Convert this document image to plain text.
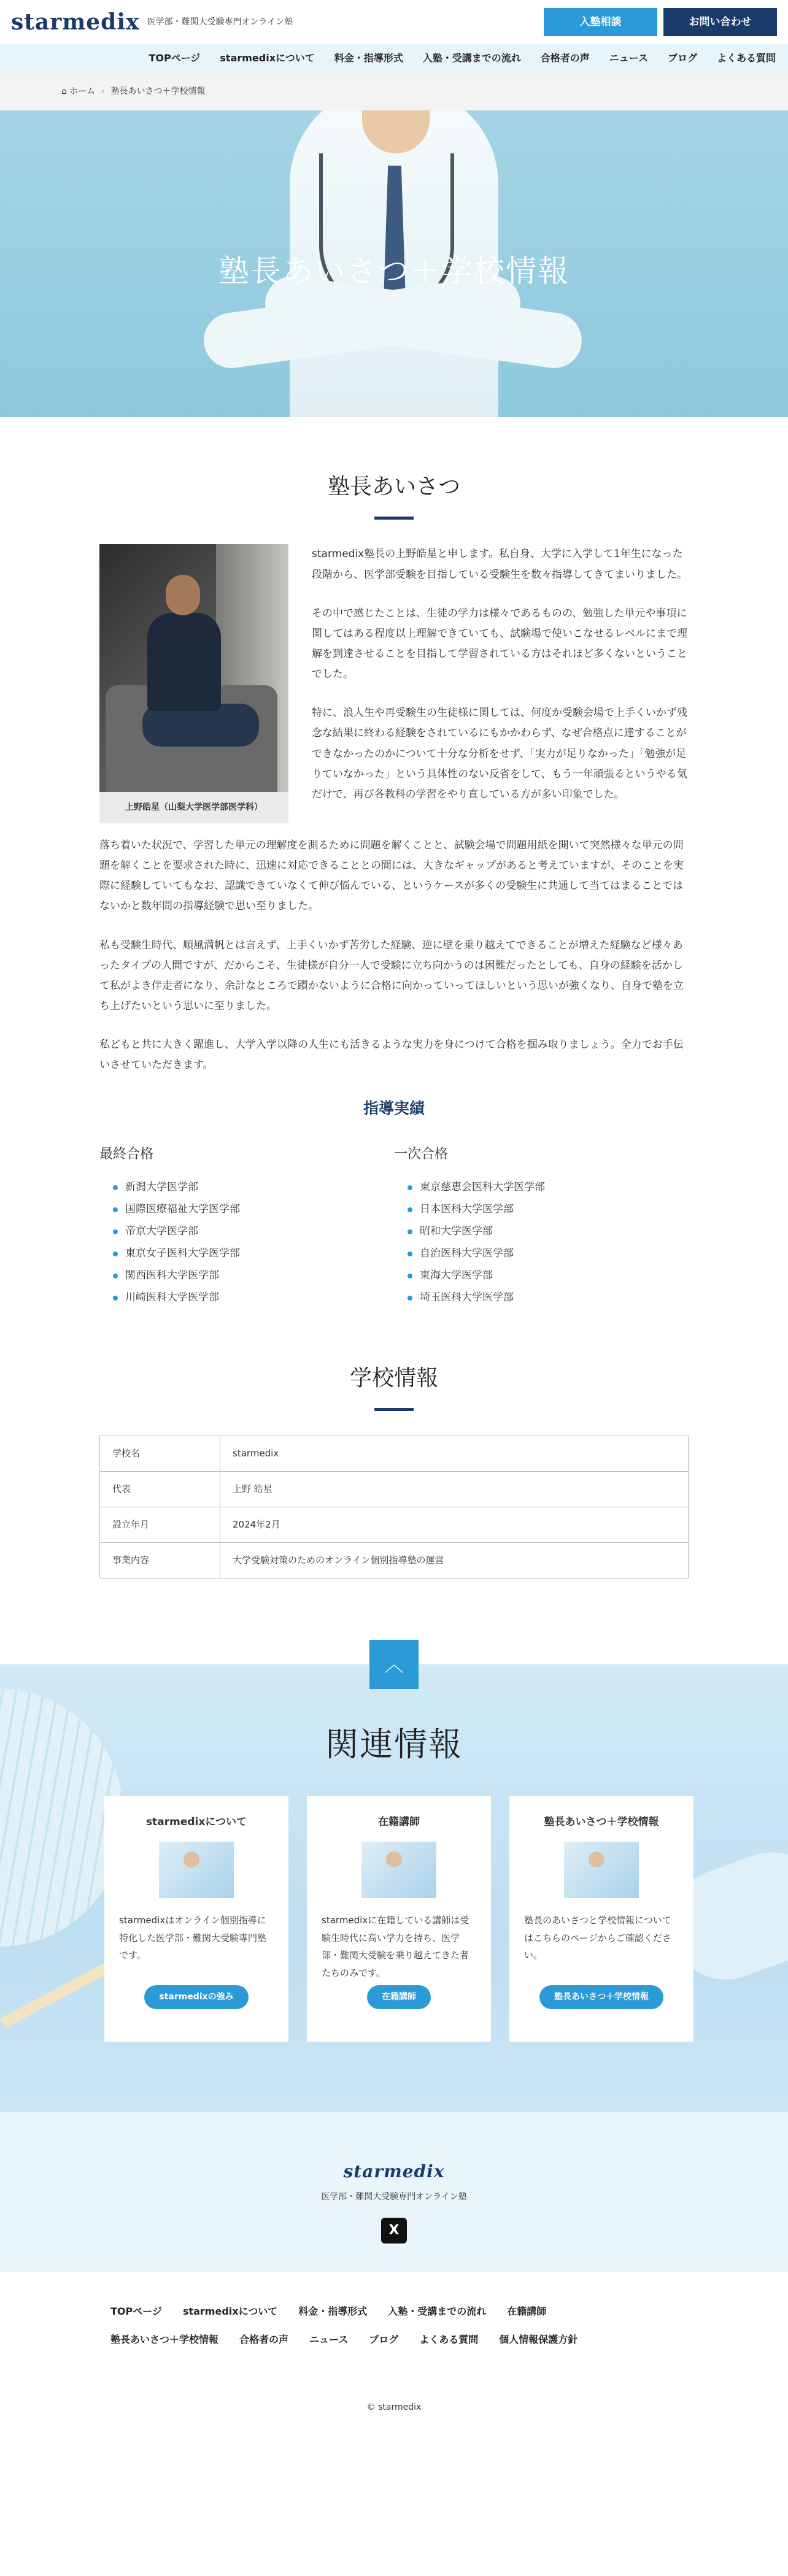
starmedix 医学部・難関大受験専門オンライン塾	入塾相談	お問い合わせ
TOPページ starmedixについて 料金・指導形式 入塾・受講までの流れ 合格者の声 ニュース ブログ よくある質問
⌂ ホーム › 塾長あいさつ＋学校情報
塾長あいさつ＋学校情報
塾長あいさつ
上野皓星（山梨大学医学部医学科）

starmedix塾長の上野皓星と申します。私自身、大学に入学して1年生になった段階から、医学部受験を目指している受験生を数々指導してきてまいりました。

その中で感じたことは、生徒の学力は様々であるものの、勉強した単元や事項に関してはある程度以上理解できていても、試験場で使いこなせるレベルにまで理解を到達させることを目指して学習されている方はそれほど多くないということでした。

特に、浪人生や再受験生の生徒様に関しては、何度か受験会場で上手くいかず残念な結果に終わる経験をされているにもかかわらず、なぜ合格点に達することができなかったのかについて十分な分析をせず、「実力が足りなかった」「勉強が足りていなかった」という具体性のない反省をして、もう一年頑張るというやる気だけで、再び各教科の学習をやり直している方が多い印象でした。

落ち着いた状況で、学習した単元の理解度を測るために問題を解くことと、試験会場で問題用紙を開いて突然様々な単元の問題を解くことを要求された時に、迅速に対応できることとの間には、大きなギャップがあると考えていますが、そのことを実際に経験していてもなお、認識できていなくて伸び悩んでいる、というケースが多くの受験生に共通して当てはまることではないかと数年間の指導経験で思い至りました。

私も受験生時代、順風満帆とは言えず、上手くいかず苦労した経験、逆に壁を乗り越えてできることが増えた経験など様々あったタイプの人間ですが、だからこそ、生徒様が自分一人で受験に立ち向かうのは困難だったとしても、自身の経験を活かして私がよき伴走者になり、余計なところで躓かないように合格に向かっていってほしいという思いが強くなり、自身で塾を立ち上げたいという思いに至りました。

私どもと共に大きく躍進し、大学入学以降の人生にも活きるような実力を身につけて合格を掴み取りましょう。全力でお手伝いさせていただきます。

指導実績
最終合格
新潟大学医学部
国際医療福祉大学医学部
帝京大学医学部
東京女子医科大学医学部
関西医科大学医学部
川崎医科大学医学部
一次合格
東京慈恵会医科大学医学部
日本医科大学医学部
昭和大学医学部
自治医科大学医学部
東海大学医学部
埼玉医科大学医学部
学校情報
学校名	starmedix
代表	上野 皓星
設立年月	2024年2月
事業内容	大学受験対策のためのオンライン個別指導塾の運営
︿
関連情報
starmedixについて

starmedixはオンライン個別指導に特化した医学部・難関大受験専門塾です。

starmedixの強み
在籍講師

starmedixに在籍している講師は受験生時代に高い学力を持ち、医学部・難関大受験を乗り越えてきた者たちのみです。

在籍講師
塾長あいさつ＋学校情報

塾長のあいさつと学校情報についてはこちらのページからご確認ください。

塾長あいさつ＋学校情報
starmedix
医学部・難関大受験専門オンライン塾
X
TOPページ starmedixについて 料金・指導形式 入塾・受講までの流れ 在籍講師
塾長あいさつ＋学校情報 合格者の声 ニュース ブログ よくある質問 個人情報保護方針
© starmedix
